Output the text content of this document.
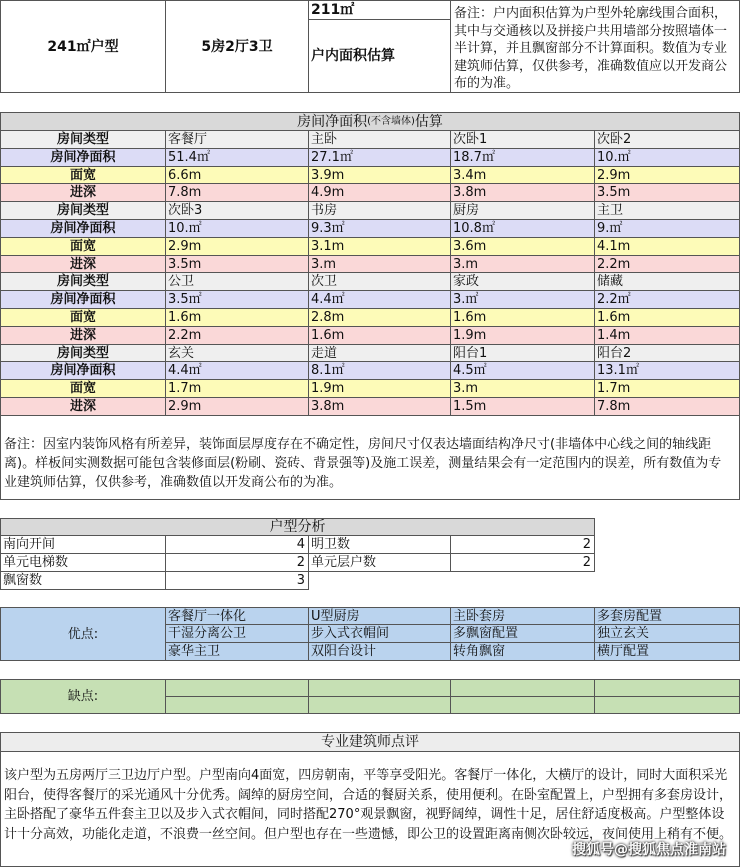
241㎡户型	5房2厅3卫
211㎡
户内面积估算
备注：户内面积估算为户型外轮廓线围合面积，其中与交通核以及拼接户共用墙部分按照墙体一半计算，并且飘窗部分不计算面积。数值为专业建筑师估算，仅供参考，准确数值应以开发商公布的为准。
房间净面积 (不含墙体) 估算
房间类型	客餐厅	主卧	次卧1	次卧2
房间净面积	51.4㎡	27.1㎡	18.7㎡	10.㎡
面宽	6.6m	3.9m	3.4m	2.9m
进深	7.8m	4.9m	3.8m	3.5m
房间类型	次卧3	书房	厨房	主卫
房间净面积	10.㎡	9.3㎡	10.8㎡	9.㎡
面宽	2.9m	3.1m	3.6m	4.1m
进深	3.5m	3.m	3.m	2.2m
房间类型	公卫	次卫	家政	储藏
房间净面积	3.5㎡	4.4㎡	3.㎡	2.2㎡
面宽	1.6m	2.8m	1.6m	1.6m
进深	2.2m	1.6m	1.9m	1.4m
房间类型	玄关	走道	阳台1	阳台2
房间净面积	4.4㎡	8.1㎡	4.5㎡	13.1㎡
面宽	1.7m	1.9m	3.m	1.7m
进深	2.9m	3.8m	1.5m	7.8m
备注：因室内装饰风格有所差异，装饰面层厚度存在不确定性，房间尺寸仅表达墙面结构净尺寸(非墙体中心线之间的轴线距离)。样板间实测数据可能包含装修面层(粉刷、瓷砖、背景强等)及施工误差，测量结果会有一定范围内的误差，所有数值为专业建筑师估算，仅供参考，准确数值以开发商公布的为准。
户型分析
南向开间	4 明卫数	2
单元电梯数	2 单元层户数	2
飘窗数	3
优点:
客餐厅一体化	U型厨房	主卧套房	多套房配置
干湿分离公卫	步入式衣帽间	多飘窗配置	独立玄关
豪华主卫	双阳台设计	转角飘窗	横厅配置
缺点:
专业建筑师点评
该户型为五房两厅三卫边厅户型。户型南向4面宽，四房朝南，平等享受阳光。客餐厅一体化，大横厅的设计，同时大面积采光阳台，使得客餐厅的采光通风十分优秀。阔绰的厨房空间，合适的餐厨关系，使用便利。在卧室配置上，户型拥有多套房设计，主卧搭配了豪华五件套主卫以及步入式衣帽间，同时搭配270°观景飘窗，视野阔绰，调性十足，居住舒适度极高。户型整体设计十分高效，功能化走道，不浪费一丝空间。但户型也存在一些遗憾，即公卫的设置距离南侧次卧较远，夜间使用上稍有不便。
搜狐号@搜狐焦点淮南站
